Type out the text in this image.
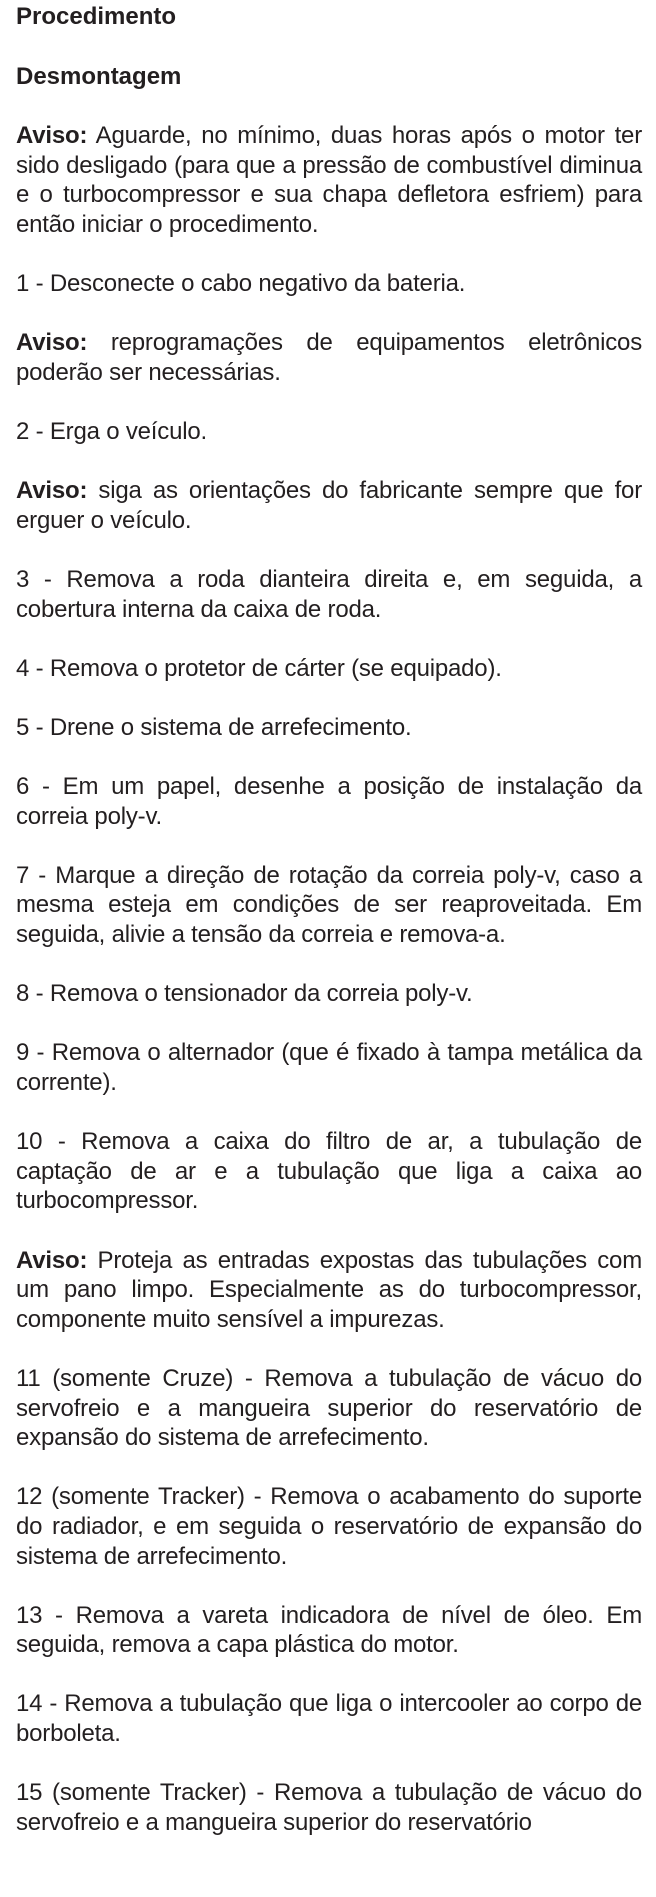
Procedimento
Desmontagem

Aviso: Aguarde, no mínimo, duas horas após o motor ter sido desligado (para que a pressão de combustível diminua e o turbocompressor e sua chapa defletora esfriem) para então iniciar o procedimento.

1 - Desconecte o cabo negativo da bateria.

Aviso: reprogramações de equipamentos eletrônicos poderão ser necessárias.

2 - Erga o veículo.

Aviso: siga as orientações do fabricante sempre que for erguer o veículo.

3 - Remova a roda dianteira direita e, em seguida, a cobertura interna da caixa de roda.

4 - Remova o protetor de cárter (se equipado).

5 - Drene o sistema de arrefecimento.

6 - Em um papel, desenhe a posição de instalação da correia poly-v.

7 - Marque a direção de rotação da correia poly-v, caso a mesma esteja em condições de ser reaproveitada. Em seguida, alivie a tensão da correia e remova-a.

8 - Remova o tensionador da correia poly-v.

9 - Remova o alternador (que é fixado à tampa metálica da corrente).

10 - Remova a caixa do filtro de ar, a tubulação de captação de ar e a tubulação que liga a caixa ao turbocompressor.

Aviso: Proteja as entradas expostas das tubulações com um pano limpo. Especialmente as do turbocompressor, componente muito sensível a impurezas.

11 (somente Cruze) - Remova a tubulação de vácuo do servofreio e a mangueira superior do reservatório de expansão do sistema de arrefecimento.

12 (somente Tracker) - Remova o acabamento do suporte do radiador, e em seguida o reservatório de expansão do sistema de arrefecimento.

13 - Remova a vareta indicadora de nível de óleo. Em seguida, remova a capa plástica do motor.

14 - Remova a tubulação que liga o intercooler ao corpo de borboleta.

15 (somente Tracker) - Remova a tubulação de vácuo do servofreio e a mangueira superior do reservatório
